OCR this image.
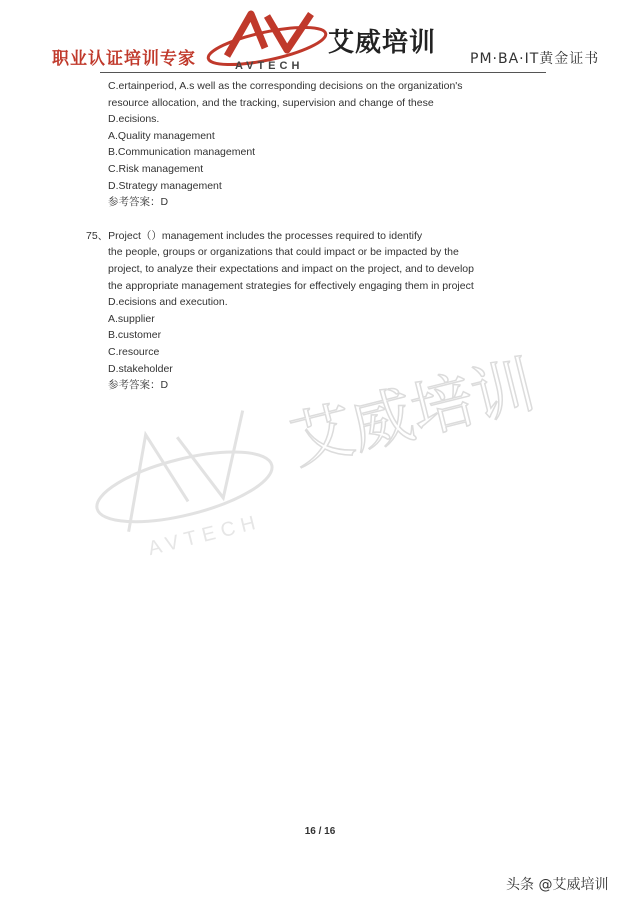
职业认证培训专家	AVTECH
艾威培训
PM·BA·IT黄金证书
AVTECH
艾威培训
C.ertainperiod, A.s well as the corresponding decisions on the organization's
resource allocation, and the tracking, supervision and change of these
D.ecisions.
A.Quality management
B.Communication management
C.Risk management
D.Strategy management
参考答案：D
75、Project（）management includes the processes required to identify
the people, groups or organizations that could impact or be impacted by the
project, to analyze their expectations and impact on the project, and to develop
the appropriate management strategies for effectively engaging them in project
D.ecisions and execution.
A.supplier
B.customer
C.resource
D.stakeholder
参考答案：D
16 / 16
头条 @艾威培训
